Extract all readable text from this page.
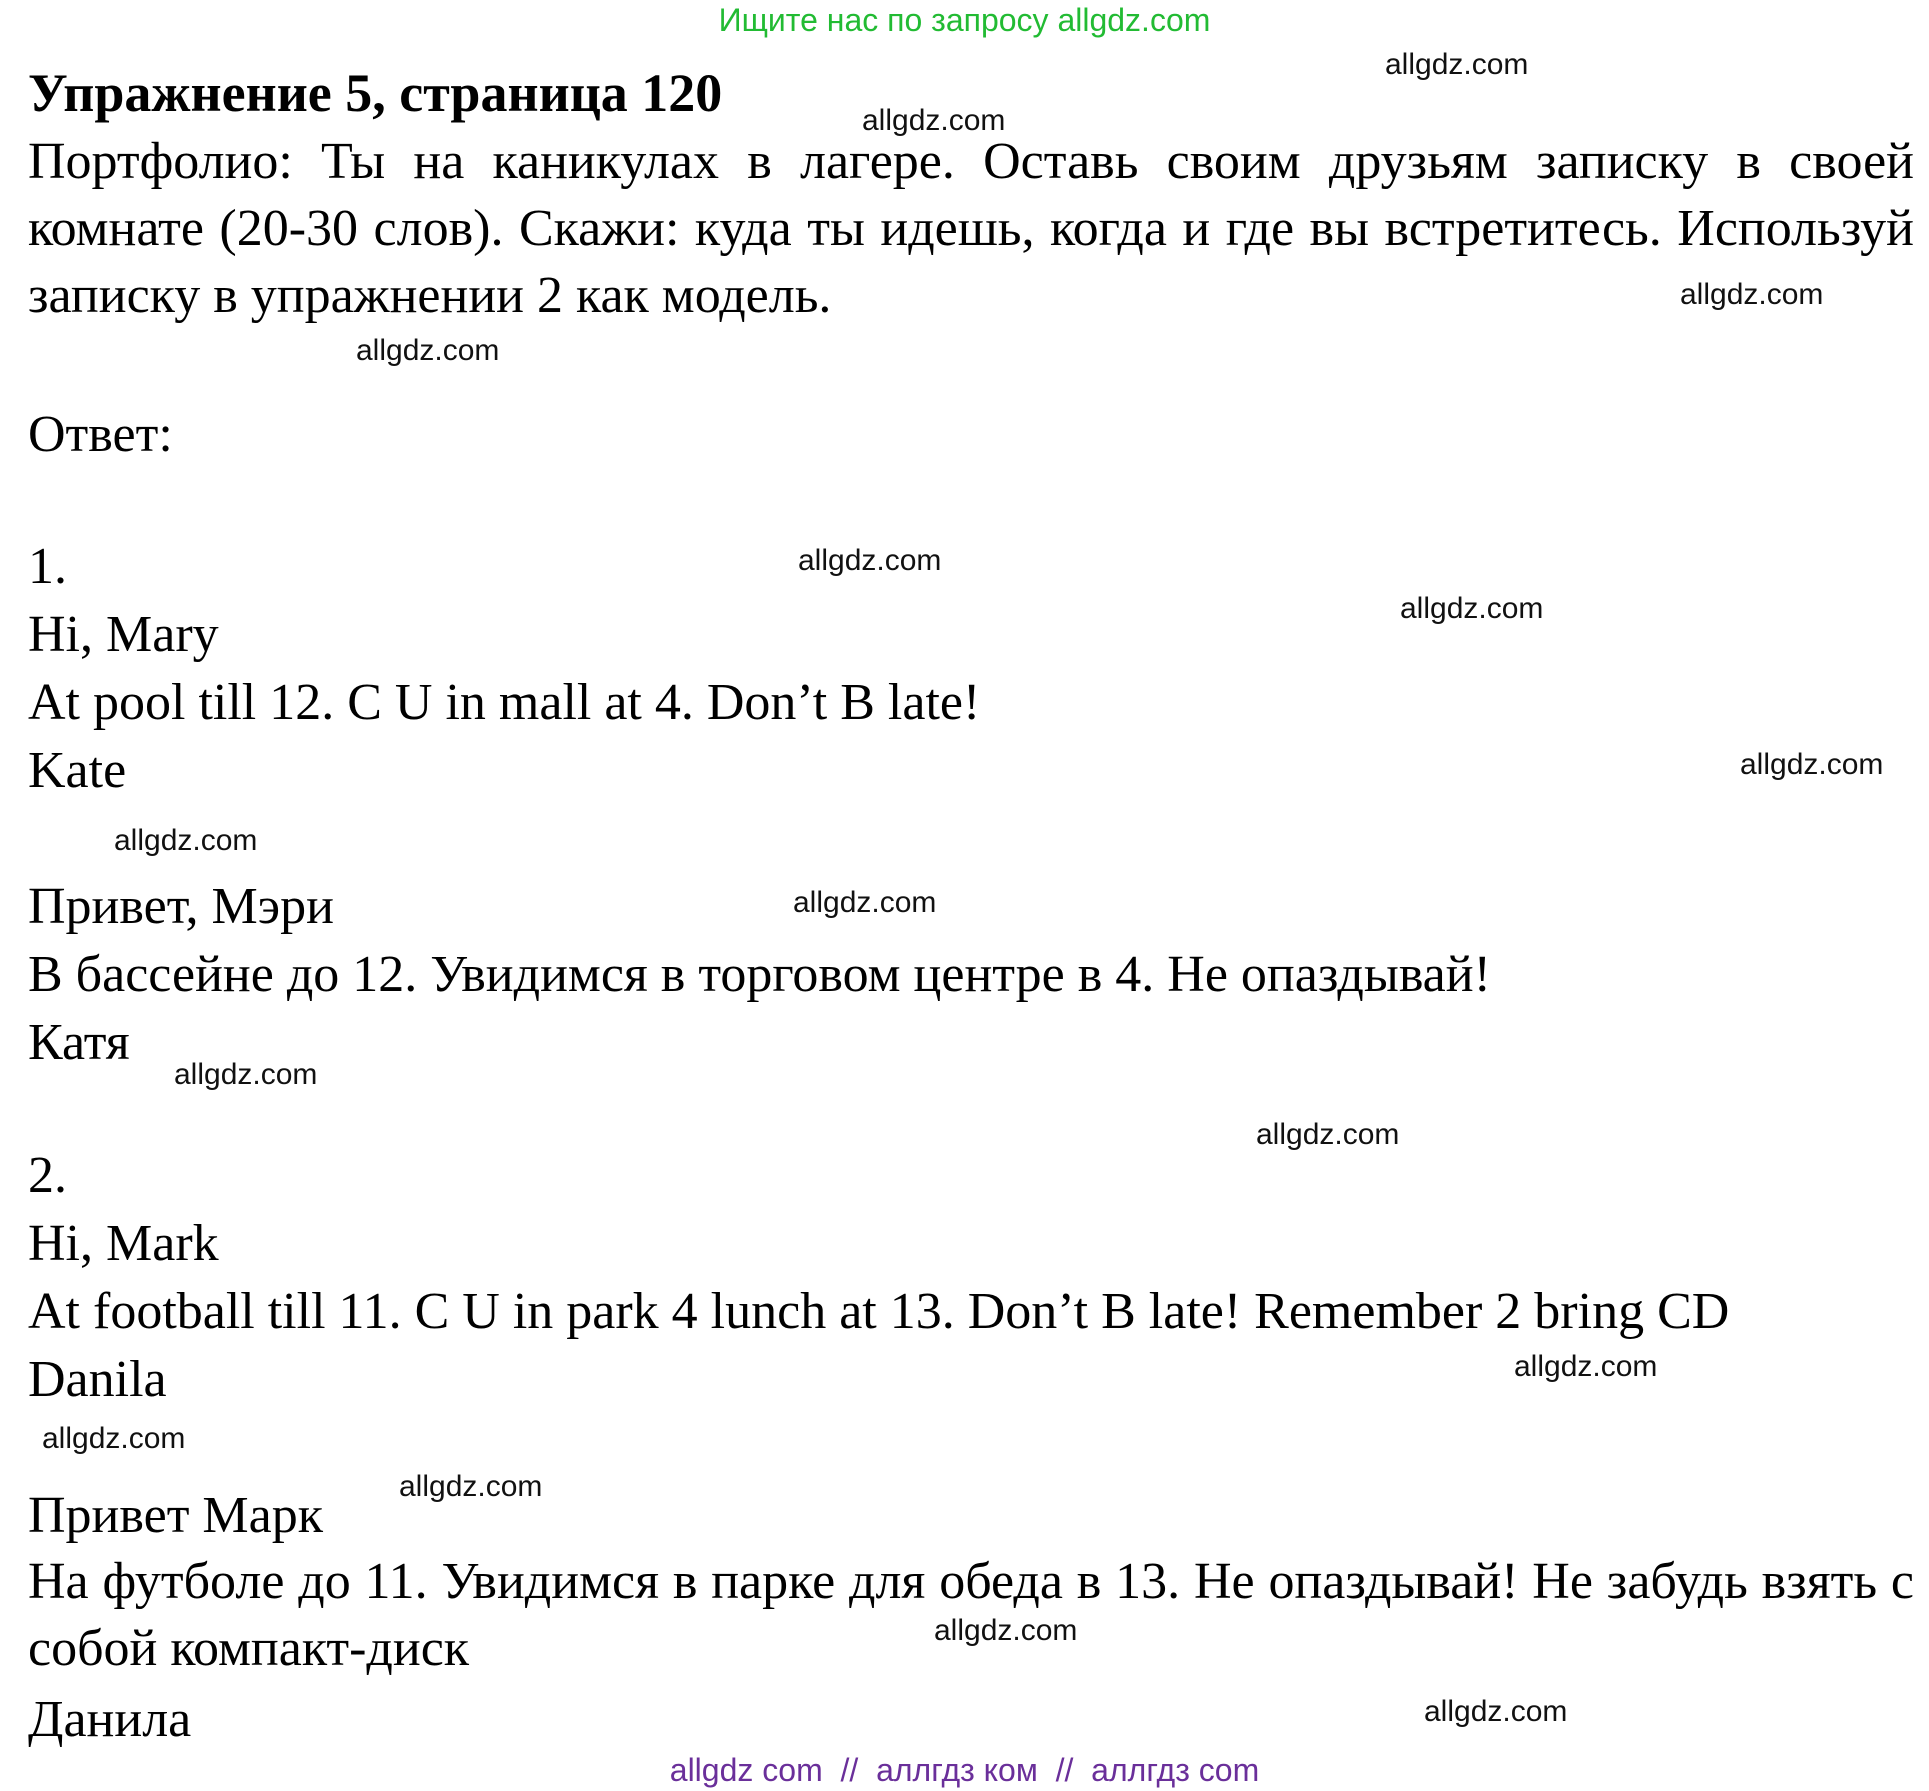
Ищите нас по запросу allgdz.com
Упражнение 5, страница 120
Портфолио: Ты на каникулах в лагере. Оставь своим друзьям записку в своей комнате (20-30 слов). Скажи: куда ты идешь, когда и где вы встретитесь. Используй записку в упражнении 2 как модель.
Ответ:
1.
Hi, Mary
At pool till 12. C U in mall at 4. Don’t B late!
Kate
Привет, Мэри
В бассейне до 12. Увидимся в торговом центре в 4. Не опаздывай!
Катя
2.
Hi, Mark
At football till 11. C U in park 4 lunch at 13. Don’t B late! Remember 2 bring CD
Danila
Привет Марк
На футболе до 11. Увидимся в парке для обеда в 13. Не опаздывай! Не забудь взять с собой компакт-диск
Данила
allgdz.com
allgdz.com
allgdz.com
allgdz.com
allgdz.com
allgdz.com
allgdz.com
allgdz.com
allgdz.com
allgdz.com
allgdz.com
allgdz.com
allgdz.com
allgdz.com
allgdz.com
allgdz.com
allgdz com  //  аллгдз ком  //  аллгдз com
